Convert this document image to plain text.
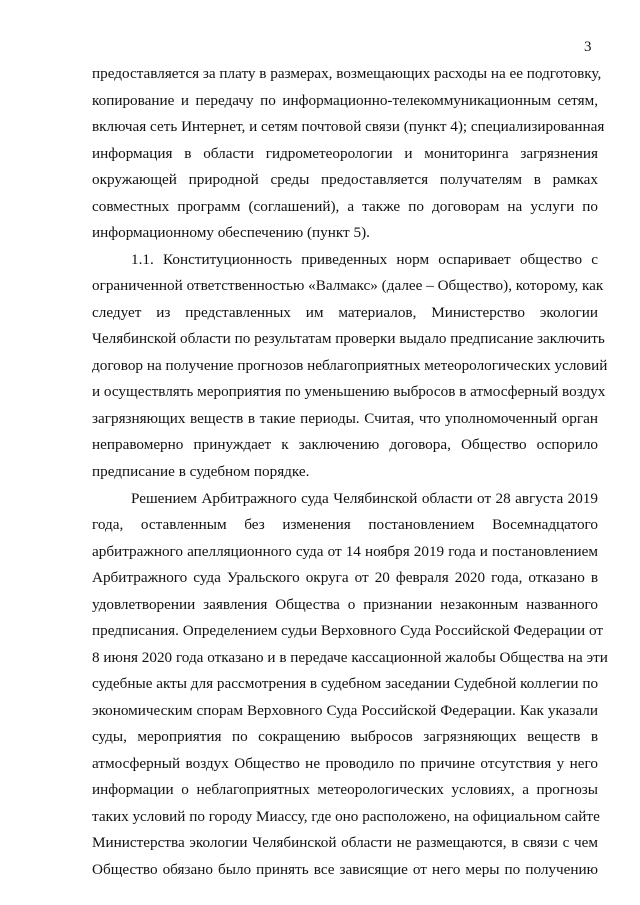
3
предоставляется за плату в размерах, возмещающих расходы на ее подготовку,
копирование и передачу по информационно-телекоммуникационным сетям,
включая сеть Интернет, и сетям почтовой связи (пункт 4); специализированная
информация в области гидрометеорологии и мониторинга загрязнения
окружающей природной среды предоставляется получателям в рамках
совместных программ (соглашений), а также по договорам на услуги по
информационному обеспечению (пункт 5).
1.1. Конституционность приведенных норм оспаривает общество с
ограниченной ответственностью «Валмакс» (далее – Общество), которому, как
следует из представленных им материалов, Министерство экологии
Челябинской области по результатам проверки выдало предписание заключить
договор на получение прогнозов неблагоприятных метеорологических условий
и осуществлять мероприятия по уменьшению выбросов в атмосферный воздух
загрязняющих веществ в такие периоды. Считая, что уполномоченный орган
неправомерно принуждает к заключению договора, Общество оспорило
предписание в судебном порядке.
Решением Арбитражного суда Челябинской области от 28 августа 2019
года, оставленным без изменения постановлением Восемнадцатого
арбитражного апелляционного суда от 14 ноября 2019 года и постановлением
Арбитражного суда Уральского округа от 20 февраля 2020 года, отказано в
удовлетворении заявления Общества о признании незаконным названного
предписания. Определением судьи Верховного Суда Российской Федерации от
8 июня 2020 года отказано и в передаче кассационной жалобы Общества на эти
судебные акты для рассмотрения в судебном заседании Судебной коллегии по
экономическим спорам Верховного Суда Российской Федерации. Как указали
суды, мероприятия по сокращению выбросов загрязняющих веществ в
атмосферный воздух Общество не проводило по причине отсутствия у него
информации о неблагоприятных метеорологических условиях, а прогнозы
таких условий по городу Миассу, где оно расположено, на официальном сайте
Министерства экологии Челябинской области не размещаются, в связи с чем
Общество обязано было принять все зависящие от него меры по получению
